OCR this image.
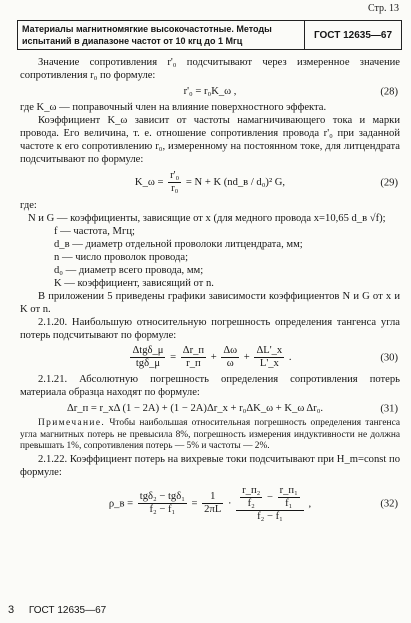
Стр. 13
Материалы магнитномягкие высокочастотные. Методы испытаний в диапазоне частот от 10 кгц до 1 Мгц
ГОСТ 12635—67

Значение сопротивления r'₀ подсчитывают через измеренное значение сопротивления r₀ по формуле:

r'₀ = r₀K_ω ,	(28)

где K_ω — поправочный член на влияние поверхностного эффекта.

Коэффициент K_ω зависит от частоты намагничивающего тока и марки провода. Его величина, т. е. отношение сопротивления провода r'₀ при заданной частоте к его сопротивлению r₀, измеренному на постоянном токе, для литцендрата подсчитывают по формуле:

K_ω = $\frac{\text{r'₀}}{\text{r₀}} = N + K$ (nd_в / d₀)² G,	(29)

где:

N и G — коэффициенты, зависящие от x (для медного провода x=10,65 d_в √f);

f — частота, Мгц;

d_в — диаметр отдельной проволоки литцендрата, мм;

n — число проволок провода;

d₀ — диаметр всего провода, мм;

K — коэффициент, зависящий от n.

В приложении 5 приведены графики зависимости коэффициентов N и G от x и K от n.

2.1.20. Наибольшую относительную погрешность определения тангенса угла потерь подсчитывают по формуле:

$\frac{\text{Δtgδ\_μ}}{\text{tgδ\_μ}} = \frac{\Delta r\_п}{r\_п} + \frac{\Delta\omega}{\omega} + \frac{\Delta L'\_x}{L'\_x}$ .	(30)

2.1.21. Абсолютную погрешность определения сопротивления потерь материала образца находят по формуле:

Δr_п = r_xΔ (1 − 2A) + (1 − 2A)Δr_x + r₀ΔK_ω + K_ω Δr₀.	(31)

Примечание. Чтобы наибольшая относительная погрешность определения тангенса угла магнитных потерь не превысила 8%, погрешность измерения индуктивности не должна превышать 1%, сопротивления потерь — 5% и частоты — 2%.

2.1.22. Коэффициент потерь на вихревые токи подсчитывают при H_m=const по формуле:

ρ_в = $\frac{\text{tgδ₂ − tgδ₁}}{\text{f₂ − f₁}} = \frac{1}{2\pi L} \cdot \frac{\text{r\_п₂}}{\text{f₂}} - \frac{\text{r\_п₁}}{\text{f₁}}$
f₂ − f₁
,	(32)
3 ГОСТ 12635—67
